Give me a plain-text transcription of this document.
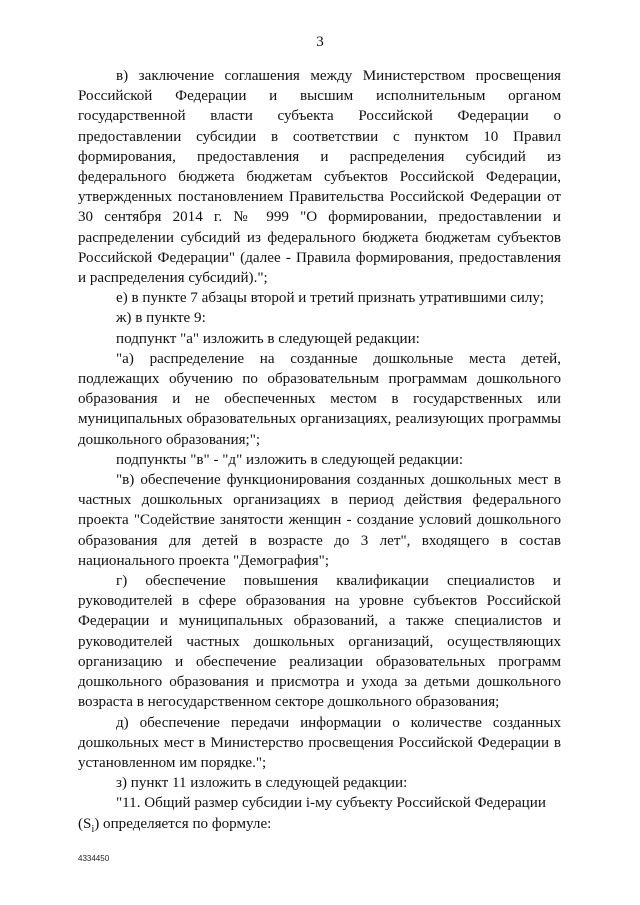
3

в) заключение соглашения между Министерством просвещения Российской Федерации и высшим исполнительным органом государственной власти субъекта Российской Федерации о предоставлении субсидии в соответствии с пунктом 10 Правил формирования, предоставления и распределения субсидий из федерального бюджета бюджетам субъектов Российской Федерации, утвержденных постановлением Правительства Российской Федерации от 30 сентября 2014 г. № 999 "О формировании, предоставлении и распределении субсидий из федерального бюджета бюджетам субъектов Российской Федерации" (далее - Правила формирования, предоставления и распределения субсидий).";

е) в пункте 7 абзацы второй и третий признать утратившими силу;

ж) в пункте 9:

подпункт "а" изложить в следующей редакции:

"а) распределение на созданные дошкольные места детей, подлежащих обучению по образовательным программам дошкольного образования и не обеспеченных местом в государственных или муниципальных образовательных организациях, реализующих программы дошкольного образования;";

подпункты "в" - "д" изложить в следующей редакции:

"в) обеспечение функционирования созданных дошкольных мест в частных дошкольных организациях в период действия федерального проекта "Содействие занятости женщин - создание условий дошкольного образования для детей в возрасте до 3 лет", входящего в состав национального проекта "Демография";

г) обеспечение повышения квалификации специалистов и руководителей в сфере образования на уровне субъектов Российской Федерации и муниципальных образований, а также специалистов и руководителей частных дошкольных организаций, осуществляющих организацию и обеспечение реализации образовательных программ дошкольного образования и присмотра и ухода за детьми дошкольного возраста в негосударственном секторе дошкольного образования;

д) обеспечение передачи информации о количестве созданных дошкольных мест в Министерство просвещения Российской Федерации в установленном им порядке.";

з) пункт 11 изложить в следующей редакции:

"11. Общий размер субсидии i-му субъекту Российской Федерации

$(S_i)$ определяется по формуле:

4334450
